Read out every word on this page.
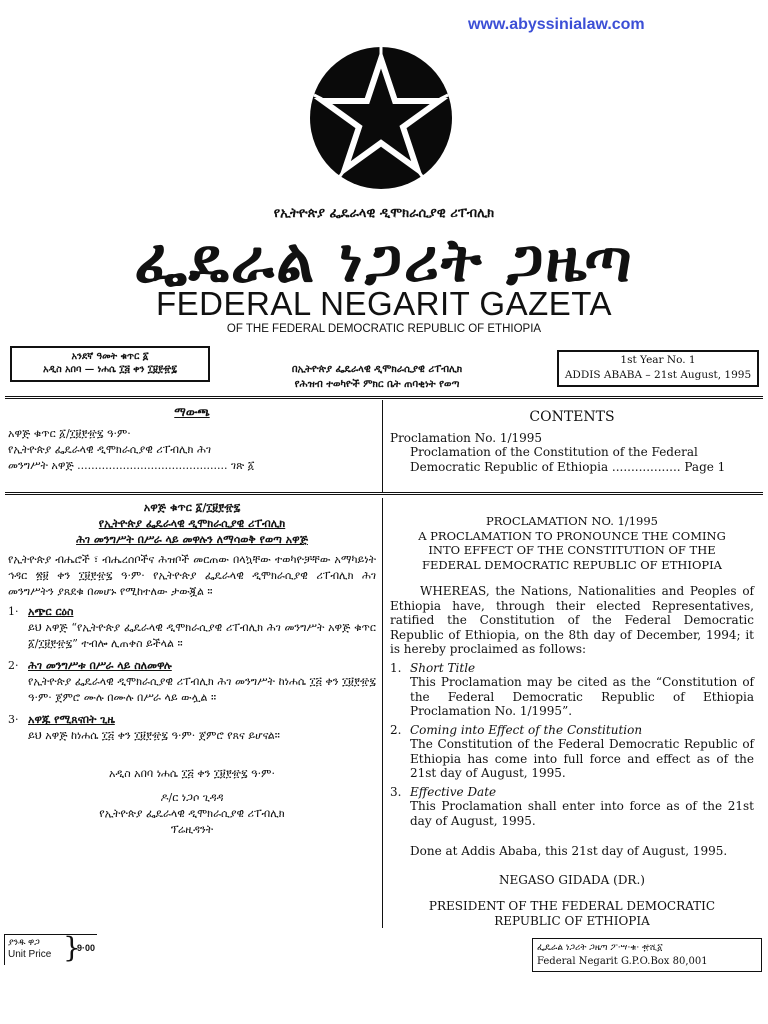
www.abyssinialaw.com
የኢትዮጵያ ፌዴራላዊ ዲሞክራሲያዊ ሪፐብሊክ
ፌዴራል ነጋሪት ጋዜጣ
FEDERAL NEGARIT GAZETA
OF THE FEDERAL DEMOCRATIC REPUBLIC OF ETHIOPIA
አንደኛ ዓመት ቁጥር ፩
አዲስ አበባ — ነሐሴ ፲፭ ቀን ፲፱፻፹፯	በኢትዮጵያ ፌዴራላዊ ዲሞክራሲያዊ ሪፐብሊክ
የሕዝብ ተወካዮች ምክር ቤት ጠባቂነት የወጣ
1st Year No. 1
ADDIS ABABA – 21st August, 1995
ማውጫ
አዋጅ ቁጥር ፩/፲፱፻፹፯ ዓ·ም·
የኢትዮጵያ ፌዴራላዊ ዲሞክራሲያዊ ሪፐብሊክ ሕገ
መንግሥት አዋጅ ........................................... ገጽ ፩
CONTENTS
Proclamation No. 1/1995
Proclamation of the Constitution of the Federal
Democratic Republic of Ethiopia .................. Page 1
አዋጅ ቁጥር ፩/፲፱፻፹፯
የኢትዮጵያ ፌዴራላዊ ዲሞክራሲያዊ ሪፐብሊክ
ሕገ መንግሥት በሥራ ላይ መዋሉን ለማሳወቅ የወጣ አዋጅ
የኢትዮጵያ ብሔሮች ፣ ብሔረሰቦችና ሕዝቦች መርጠው በላኳቸው ተወካዮቻቸው አማካይነት ኅዳር ፳፱ ቀን ፲፱፻፹፯ ዓ·ም· የኢትዮጵያ ፌዴራላዊ ዲሞክራሲያዊ ሪፐብሊክ ሕገ መንግሥትን ያጸደቁ በመሆኑ የሚከተለው ታውጇል ።
1· አጭር ርዕስ
ይህ አዋጅ “የኢትዮጵያ ፌዴራላዊ ዲሞክራሲያዊ ሪፐብሊክ ሕገ መንግሥት አዋጅ ቁጥር ፩/፲፱፻፹፯” ተብሎ ሊጠቀስ ይችላል ።
2· ሕገ መንግሥቱ በሥራ ላይ ስለመዋሉ
የኢትዮጵያ ፌዴራላዊ ዲሞክራሲያዊ ሪፐብሊክ ሕገ መንግሥት ከነሐሴ ፲፭ ቀን ፲፱፻፹፯ ዓ·ም· ጀምሮ ሙሉ በሙሉ በሥራ ላይ ውሏል ።
3· አዋጁ የሚጸናበት ጊዜ
ይህ አዋጅ ከነሐሴ ፲፭ ቀን ፲፱፻፹፯ ዓ·ም· ጀምሮ የጸና ይሆናል።
አዲስ አበባ ነሐሴ ፲፭ ቀን ፲፱፻፹፯ ዓ·ም·
ዶ/ር ነጋሶ ጊዳዳ
የኢትዮጵያ ፌዴራላዊ ዲሞክራሲያዊ ሪፐብሊክ
ፕሬዚዳንት
PROCLAMATION NO. 1/1995
A PROCLAMATION TO PRONOUNCE THE COMING
INTO EFFECT OF THE CONSTITUTION OF THE
FEDERAL DEMOCRATIC REPUBLIC OF ETHIOPIA
WHEREAS, the Nations, Nationalities and Peoples of Ethiopia have, through their elected Representatives, ratified the Constitution of the Federal Democratic Republic of Ethiopia, on the 8th day of December, 1994; it is hereby proclaimed as follows:
1. Short Title
This Proclamation may be cited as the “Constitution of the Federal Democratic Republic of Ethiopia Proclamation No. 1/1995”.
2. Coming into Effect of the Constitution
The Constitution of the Federal Democratic Republic of Ethiopia has come into full force and effect as of the 21st day of August, 1995.
3. Effective Date
This Proclamation shall enter into force as of the 21st day of August, 1995.
Done at Addis Ababa, this 21st day of August, 1995.
NEGASO GIDADA (DR.)
PRESIDENT OF THE FEDERAL DEMOCRATIC
REPUBLIC OF ETHIOPIA
ያንዱ ዋጋ
Unit Price }
9·00	ፌዴራል ነጋሪት ጋዜጣ ፖ·ሣ·ቁ· ፹ሺ፩
Federal Negarit G.P.O.Box 80,001
